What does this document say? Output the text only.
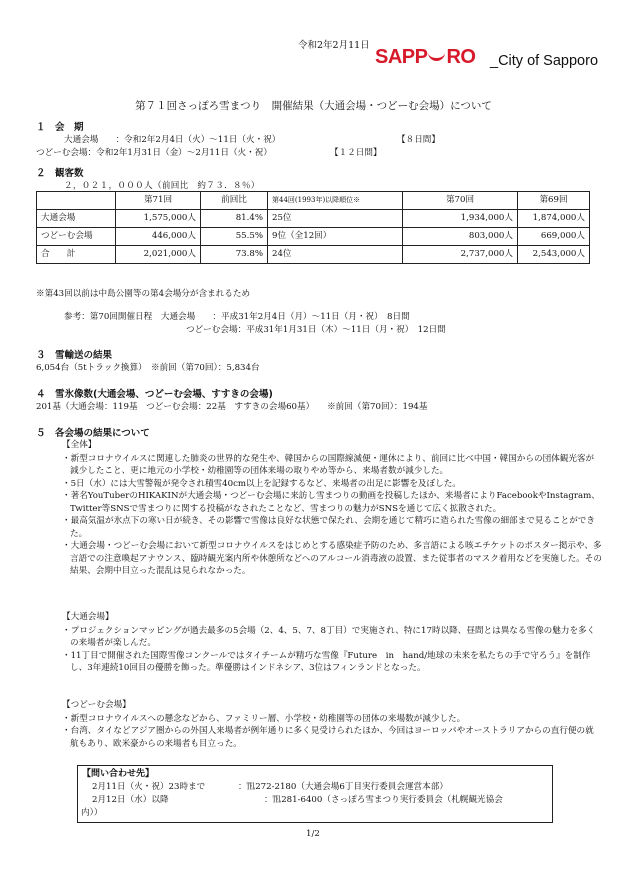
令和2年2月11日
SAPP RO _City of Sapporo
第７１回さっぽろ雪まつり　開催結果（大通会場・つどーむ会場）について
１　会　期
大通会場　　：令和2年2月4日（火）～11日（火・祝）	【８日間】
つどーむ会場：令和2年1月31日（金）～2月11日（火・祝）	【１２日間】
２　観客数
２，０２１，０００人（前回比　約７３．８％）
	第71回	前回比	第44回(1993年)以降順位※	第70回	第69回
大通会場	1,575,000人	81.4%	25位	1,934,000人	1,874,000人
つどーむ会場	446,000人	55.5%	9位（全12回）	803,000人	669,000人
合　　計	2,021,000人	73.8%	24位	2,737,000人	2,543,000人
※第43回以前は中島公園等の第4会場分が含まれるため
参考：第70回開催日程　大通会場　　：平成31年2月4日（月）～11日（月・祝）　8日間
つどーむ会場：平成31年1月31日（木）～11日（月・祝）　12日間
３　雪輸送の結果
6,054台（5tトラック換算）　※前回（第70回）：5,834台
４　雪氷像数(大通会場、つどーむ会場、すすきの会場)
201基（大通会場：119基　つどーむ会場：22基　すすきの会場60基）　　※前回（第70回）：194基
５　各会場の結果について
【全体】

・新型コロナウイルスに関連した肺炎の世界的な発生や、韓国からの国際線減便・運休により、前回に比べ中国・韓国からの団体観光客が減少したこと、更に地元の小学校・幼稚園等の団体来場の取りやめ等から、来場者数が減少した。

・5日（水）には大雪警報が発令され積雪40cm以上を記録するなど、来場者の出足に影響を及ぼした。

・著名YouTuberのHIKAKINが大通会場・つどーむ会場に来訪し雪まつりの動画を投稿したほか、来場者によりFacebookやInstagram、Twitter等SNSで雪まつりに関する投稿がなされたことなど、雪まつりの魅力がSNSを通じて広く拡散された。

・最高気温が氷点下の寒い日が続き、その影響で雪像は良好な状態で保たれ、会期を通じて精巧に造られた雪像の細部まで見ることができた。

・大通会場・つどーむ会場において新型コロナウイルスをはじめとする感染症予防のため、多言語による咳エチケットのポスター掲示や、多言語での注意喚起アナウンス、臨時観光案内所や休憩所などへのアルコール消毒液の設置、また従事者のマスク着用などを実施した。その結果、会期中目立った混乱は見られなかった。

【大通会場】

・プロジェクションマッピングが過去最多の5会場（2、4、5、7、8丁目）で実施され、特に17時以降、昼間とは異なる雪像の魅力を多くの来場者が楽しんだ。

・11丁目で開催された国際雪像コンクールではタイチームが精巧な雪像『Future　in　hand/地球の未来を私たちの手で守ろう』を制作し、3年連続10回目の優勝を飾った。準優勝はインドネシア、3位はフィンランドとなった。

【つどーむ会場】

・新型コロナウイルスへの懸念などから、ファミリー層、小学校・幼稚園等の団体の来場数が減少した。

・台湾、タイなどアジア圏からの外国人来場者が例年通りに多く見受けられたほか、今回はヨーロッパやオーストラリアからの直行便の就航もあり、欧米豪からの来場者も目立った。

【問い合わせ先】
2月11日（火・祝）23時まで	：℡272-2180（大通会場6丁目実行委員会運営本部）
2月12日（水）以降	：℡281-6400（さっぽろ雪まつり実行委員会（札幌観光協会
内））
1/2
